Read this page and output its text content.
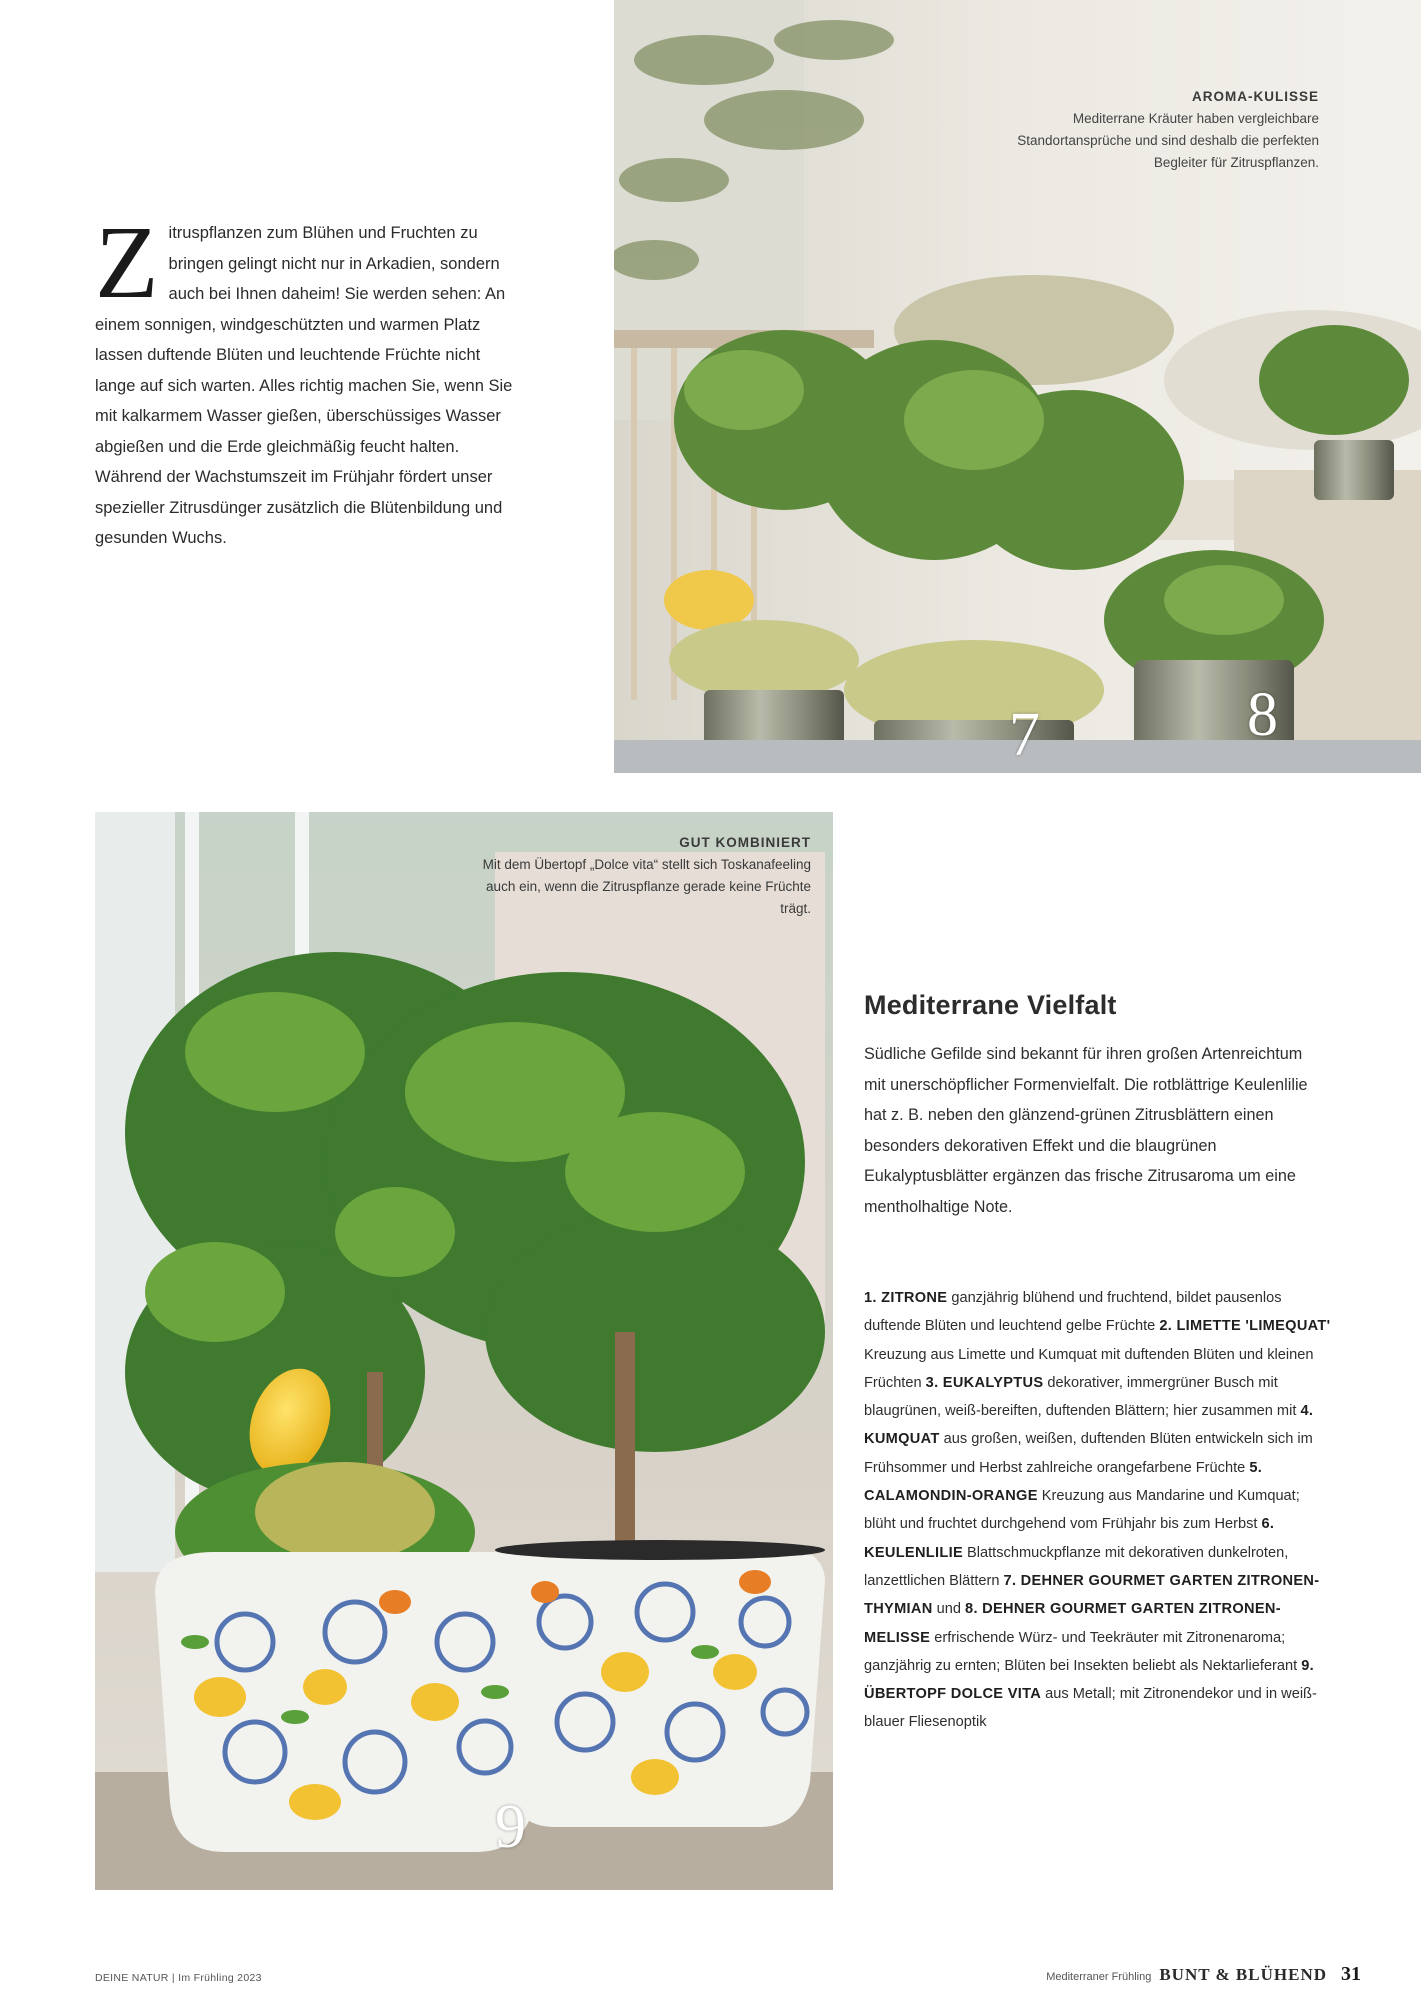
Z itruspflanzen zum Blühen und Fruchten zu bringen gelingt nicht nur in Arkadien, sondern auch bei Ihnen daheim! Sie werden sehen: An einem sonnigen, windgeschützten und warmen Platz lassen duftende Blüten und leuchtende Früchte nicht lange auf sich warten. Alles richtig machen Sie, wenn Sie mit kalkarmem Wasser gießen, überschüssiges Wasser abgießen und die Erde gleichmäßig feucht halten. Während der Wachstumszeit im Frühjahr fördert unser spezieller Zitrusdünger zusätzlich die Blütenbildung und gesunden Wuchs.
AROMA-KULISSE
Mediterrane Kräuter haben vergleichbare Standortansprüche und sind deshalb die perfekten Begleiter für Zitruspflanzen.
7	8
GUT KOMBINIERT
Mit dem Übertopf „Dolce vita“ stellt sich Toskanafeeling auch ein, wenn die Zitruspflanze gerade keine Früchte trägt.
9
Mediterrane Vielfalt

Südliche Gefilde sind bekannt für ihren großen Artenreichtum mit unerschöpflicher Formenvielfalt. Die rotblättrige Keulenlilie hat z. B. neben den glänzend-grünen Zitrusblättern einen besonders dekorativen Effekt und die blaugrünen Eukalyptusblätter ergänzen das frische Zitrusaroma um eine mentholhaltige Note.

1. ZITRONE ganzjährig blühend und fruchtend, bildet pausenlos duftende Blüten und leuchtend gelbe Früchte 2. LIMETTE 'LIMEQUAT' Kreuzung aus Limette und Kumquat mit duftenden Blüten und kleinen Früchten 3. EUKALYPTUS dekorativer, immergrüner Busch mit blaugrünen, weiß-bereiften, duftenden Blättern; hier zusammen mit 4. KUMQUAT aus großen, weißen, duftenden Blüten entwickeln sich im Frühsommer und Herbst zahlreiche orangefarbene Früchte 5. CALAMONDIN-ORANGE Kreuzung aus Mandarine und Kumquat; blüht und fruchtet durchgehend vom Frühjahr bis zum Herbst 6. KEULENLILIE Blattschmuckpflanze mit dekorativen dunkelroten, lanzettlichen Blättern 7. DEHNER GOURMET GARTEN ZITRONEN-THYMIAN und 8. DEHNER GOURMET GARTEN ZITRONEN-MELISSE erfrischende Würz- und Teekräuter mit Zitronenaroma; ganzjährig zu ernten; Blüten bei Insekten beliebt als Nektarlieferant 9. ÜBERTOPF DOLCE VITA aus Metall; mit Zitronendekor und in weiß-blauer Fliesenoptik
DEINE NATUR | Im Frühling 2023	Mediterraner Frühling BUNT & BLÜHEND 31
